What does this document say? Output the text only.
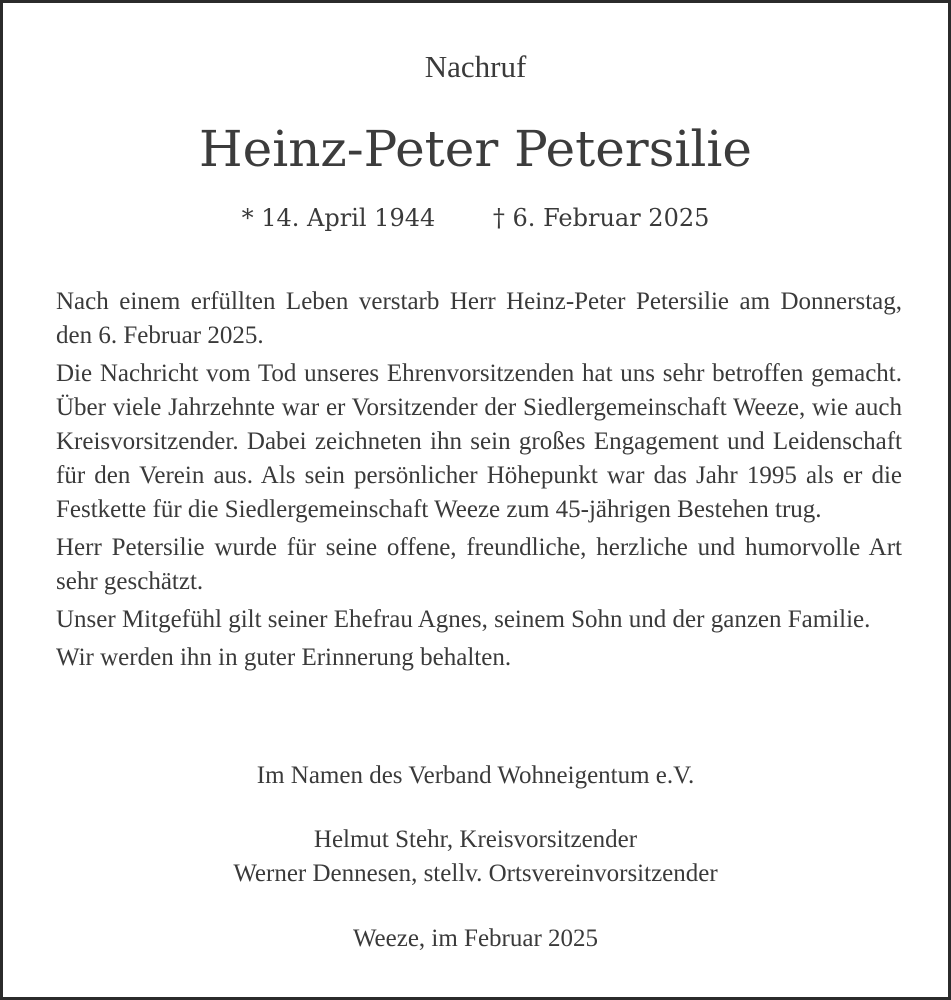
Nachruf
Heinz-Peter Petersilie
* 14. April 1944 † 6. Februar 2025

Nach einem erfüllten Leben verstarb Herr Heinz-Peter Petersilie am Donnerstag, den 6. Februar 2025.

Die Nachricht vom Tod unseres Ehrenvorsitzenden hat uns sehr betroffen gemacht. Über viele Jahrzehnte war er Vorsitzender der Siedlergemeinschaft Weeze, wie auch Kreisvorsitzender. Dabei zeichneten ihn sein großes Engagement und Leidenschaft für den Verein aus. Als sein persönlicher Höhepunkt war das Jahr 1995 als er die Festkette für die Siedlergemeinschaft Weeze zum 45-jährigen Bestehen trug.

Herr Petersilie wurde für seine offene, freundliche, herzliche und humorvolle Art sehr geschätzt.

Unser Mitgefühl gilt seiner Ehefrau Agnes, seinem Sohn und der ganzen Familie.

Wir werden ihn in guter Erinnerung behalten.

Im Namen des Verband Wohneigentum e.V.
Helmut Stehr, Kreisvorsitzender
Werner Dennesen, stellv. Ortsvereinvorsitzender
Weeze, im Februar 2025
